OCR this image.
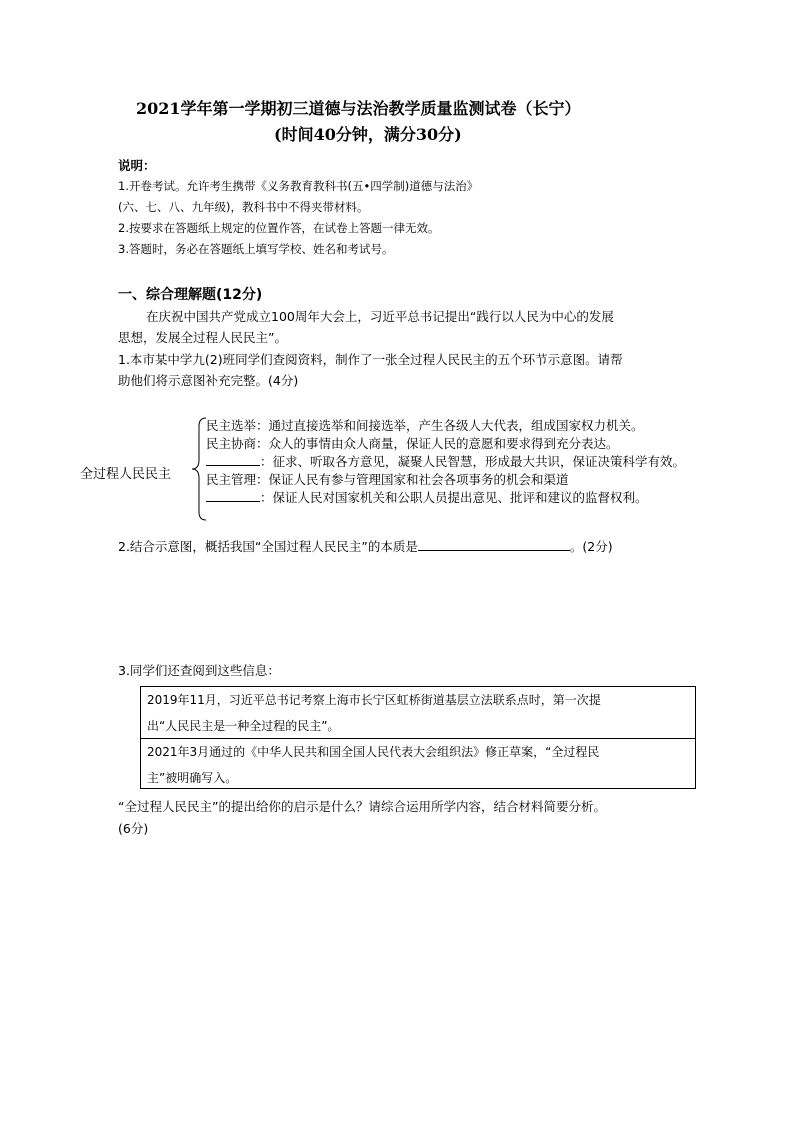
2021学年第一学期初三道德与法治教学质量监测试卷（长宁）
(时间40分钟，满分30分)
说明：
1.开卷考试。允许考生携带《义务教育教科书(五•四学制)道德与法治》
(六、七、八、九年级)，教科书中不得夹带材料。
2.按要求在答题纸上规定的位置作答，在试卷上答题一律无效。
3.答题时，务必在答题纸上填写学校、姓名和考试号。
一、综合理解题(12分)
在庆祝中国共产党成立100周年大会上，习近平总书记提出“践行以人民为中心的发展
思想，发展全过程人民民主”。
1.本市某中学九(2)班同学们查阅资料，制作了一张全过程人民民主的五个环节示意图。请帮
助他们将示意图补充完整。(4分)
全过程人民民主
民主选举：通过直接选举和间接选举，产生各级人大代表，组成国家权力机关。
民主协商：众人的事情由众人商量，保证人民的意愿和要求得到充分表达。
：征求、听取各方意见，凝聚人民智慧，形成最大共识，保证决策科学有效。
民主管理：保证人民有参与管理国家和社会各项事务的机会和渠道
：保证人民对国家机关和公职人员提出意见、批评和建议的监督权利。
2.结合示意图，概括我国“全国过程人民民主”的本质是	。(2分)
3.同学们还查阅到这些信息：
2019年11月，习近平总书记考察上海市长宁区虹桥街道基层立法联系点时，第一次提
出“人民民主是一种全过程的民主”。
2021年3月通过的《中华人民共和国全国人民代表大会组织法》修正草案，“全过程民
主”被明确写入。
“全过程人民民主”的提出给你的启示是什么？请综合运用所学内容，结合材料简要分析。
(6分)
